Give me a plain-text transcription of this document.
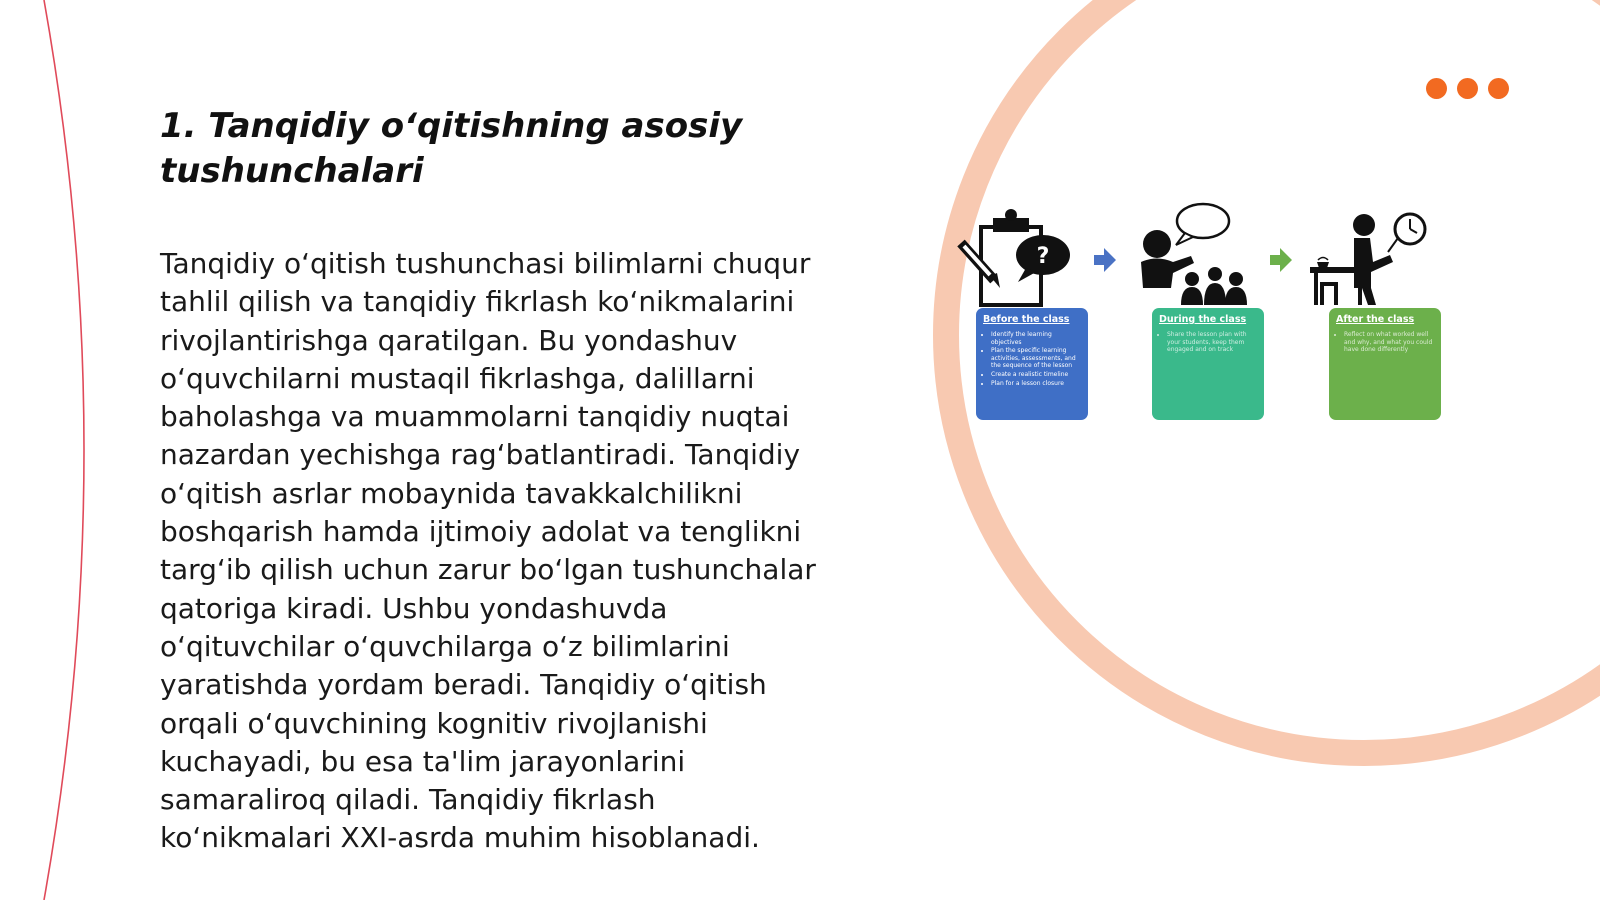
1. Tanqidiy o‘qitishning asosiy tushunchalari

Tanqidiy o‘qitish tushunchasi bilimlarni chuqur tahlil qilish va tanqidiy fikrlash ko‘nikmalarini rivojlantirishga qaratilgan. Bu yondashuv o‘quvchilarni mustaqil fikrlashga, dalillarni baholashga va muammolarni tanqidiy nuqtai nazardan yechishga rag‘batlantiradi. Tanqidiy o‘qitish asrlar mobaynida tavakkalchilikni boshqarish hamda ijtimoiy adolat va tenglikni targ‘ib qilish uchun zarur bo‘lgan tushunchalar qatoriga kiradi. Ushbu yondashuvda o‘qituvchilar o‘quvchilarga o‘z bilimlarini yaratishda yordam beradi. Tanqidiy o‘qitish orqali o‘quvchining kognitiv rivojlanishi kuchayadi, bu esa ta'lim jarayonlarini samaraliroq qiladi. Tanqidiy fikrlash ko‘nikmalari XXI-asrda muhim hisoblanadi.

?
Before the class
• Identify the learning objectives
• Plan the specific learning activities, assessments, and the sequence of the lesson
• Create a realistic timeline
• Plan for a lesson closure
During the class
• Share the lesson plan with your students, keep them engaged and on track
After the class
• Reflect on what worked well and why, and what you could have done differently
